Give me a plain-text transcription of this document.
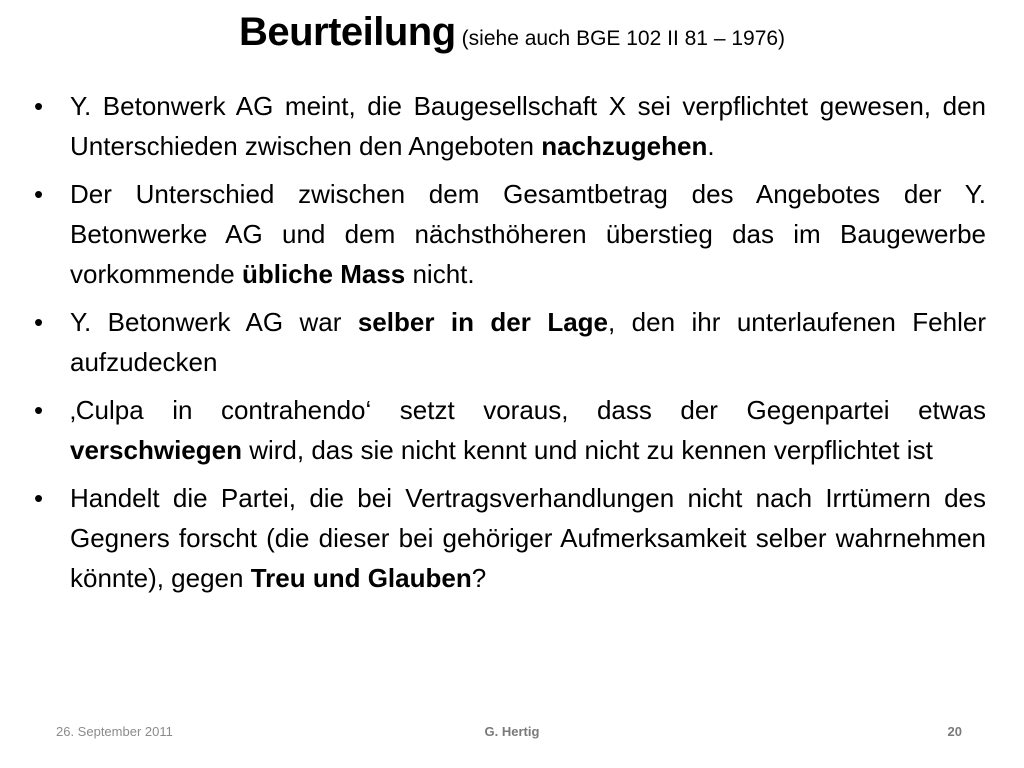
Beurteilung (siehe auch BGE 102 II 81 – 1976)
•
Y. Betonwerk AG meint, die Baugesellschaft X sei verpflichtet gewesen, den Unterschieden zwischen den Angeboten nachzugehen.
•
Der Unterschied zwischen dem Gesamtbetrag des Angebotes der Y. Betonwerke AG und dem nächsthöheren überstieg das im Baugewerbe vorkommende übliche Mass nicht.
•
Y. Betonwerk AG war selber in der Lage, den ihr unterlaufenen Fehler aufzudecken
•
‚Culpa in contrahendo‘ setzt voraus, dass der Gegenpartei etwas verschwiegen wird, das sie nicht kennt und nicht zu kennen verpflichtet ist
•
Handelt die Partei, die bei Vertragsverhandlungen nicht nach Irrtümern des Gegners forscht (die dieser bei gehöriger Aufmerksamkeit selber wahrnehmen könnte), gegen Treu und Glauben?
26. September 2011	G. Hertig	20
